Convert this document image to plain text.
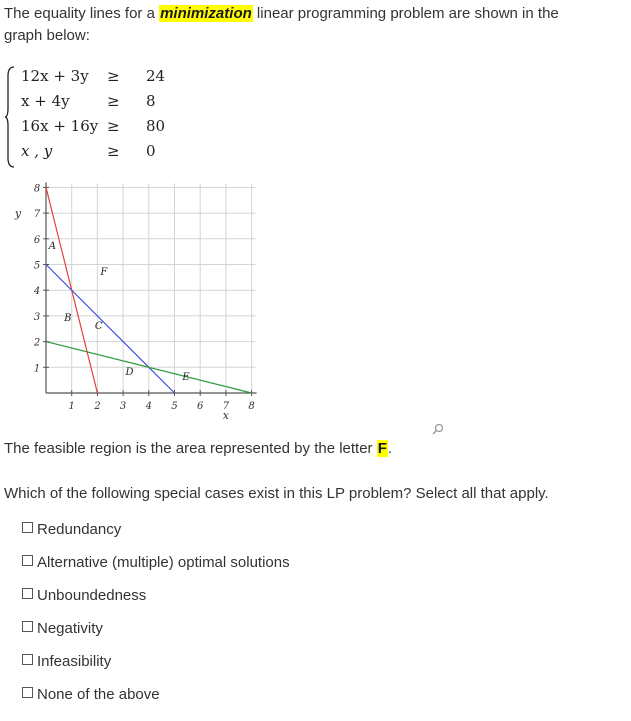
The equality lines for a minimization linear programming problem are shown in the
graph below:
12x + 3y ≥ 24
x + 4y ≥ 8
16x + 16y ≥ 80
x , y	≥ 0
1 2 3 4 5 6 7 8
1
2
3
4
5
6
7
8
x
y
A
B
C
F
D	E
The feasible region is the area represented by the letter F.
Which of the following special cases exist in this LP problem? Select all that apply.
Redundancy
Alternative (multiple) optimal solutions
Unboundedness
Negativity
Infeasibility
None of the above
